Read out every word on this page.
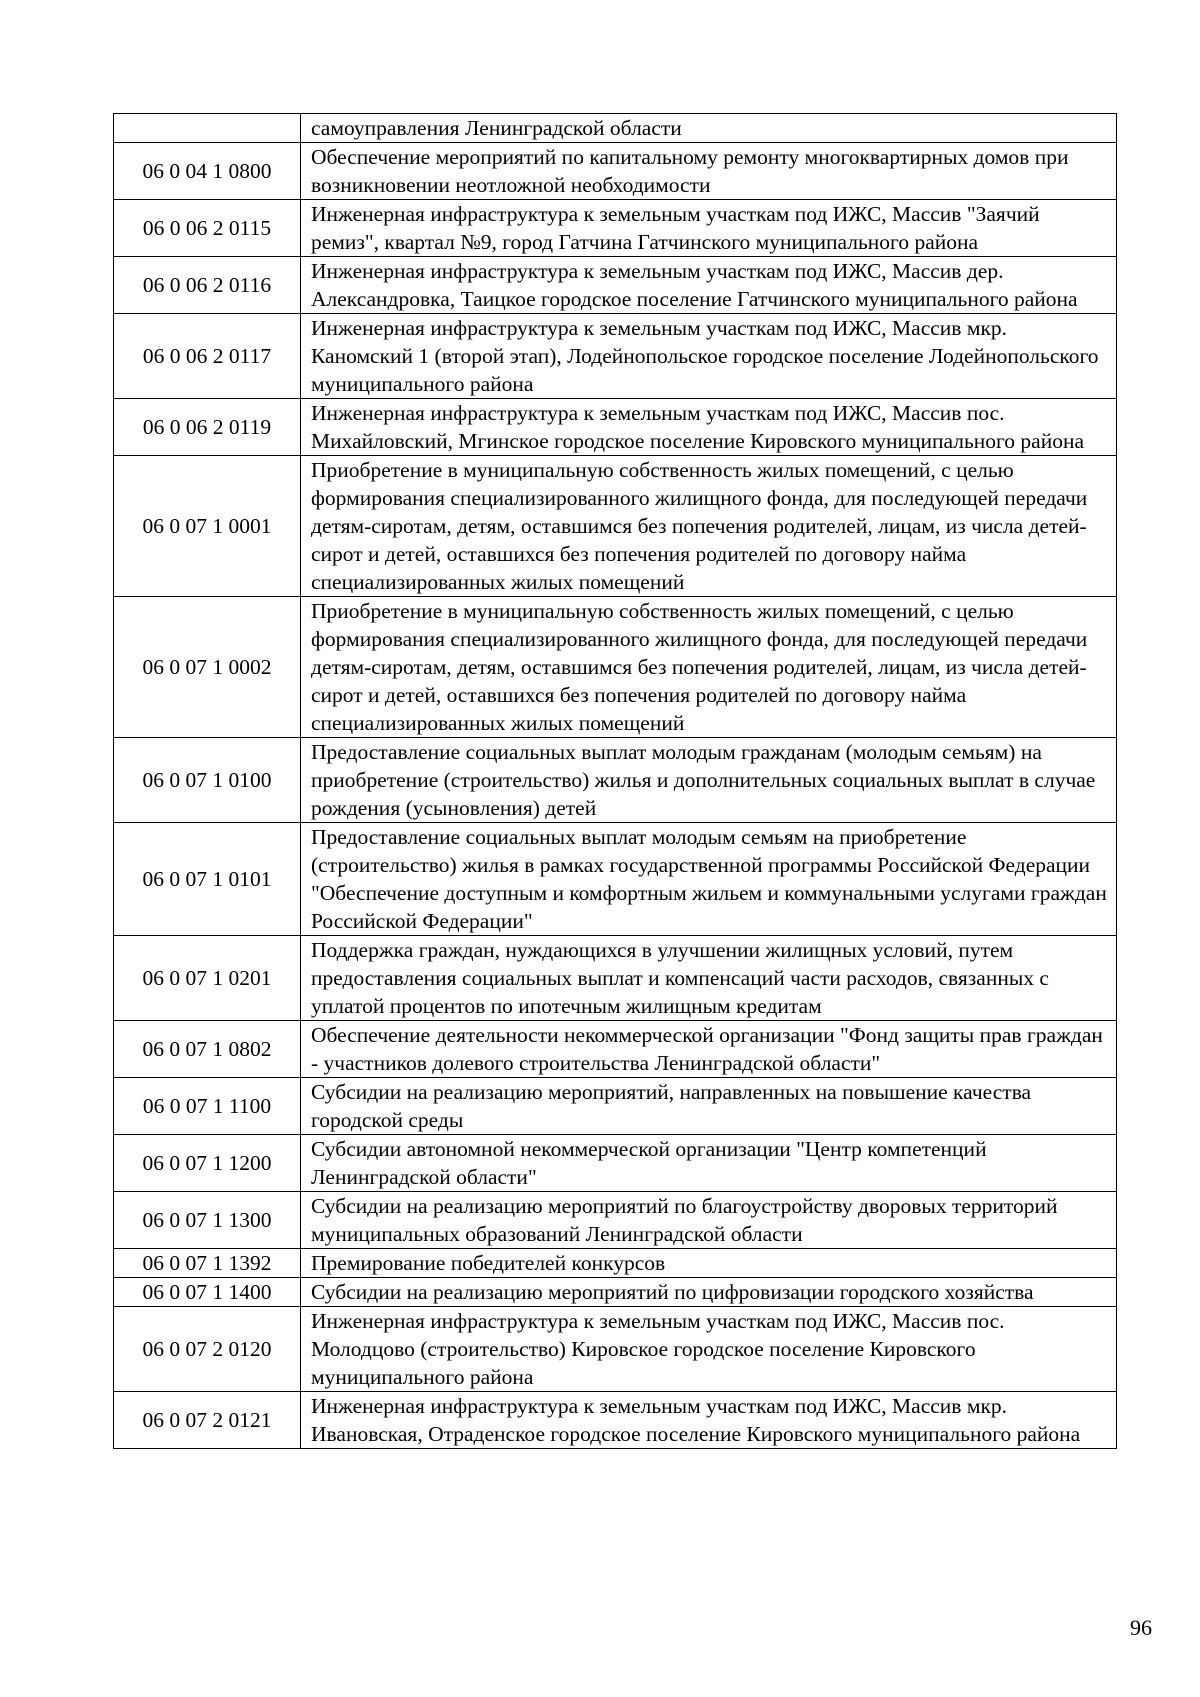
	самоуправления Ленинградской области
06 0 04 1 0800	Обеспечение мероприятий по капитальному ремонту многоквартирных домов при возникновении неотложной необходимости
06 0 06 2 0115	Инженерная инфраструктура к земельным участкам под ИЖС, Массив "Заячий ремиз", квартал №9, город Гатчина Гатчинского муниципального района
06 0 06 2 0116	Инженерная инфраструктура к земельным участкам под ИЖС, Массив дер. Александровка, Таицкое городское поселение Гатчинского муниципального района
06 0 06 2 0117	Инженерная инфраструктура к земельным участкам под ИЖС, Массив мкр. Каномский 1 (второй этап), Лодейнопольское городское поселение Лодейнопольского муниципального района
06 0 06 2 0119	Инженерная инфраструктура к земельным участкам под ИЖС, Массив пос. Михайловский, Мгинское городское поселение Кировского муниципального района
06 0 07 1 0001	Приобретение в муниципальную собственность жилых помещений, с целью формирования специализированного жилищного фонда, для последующей передачи детям-сиротам, детям, оставшимся без попечения родителей, лицам, из числа детей-сирот и детей, оставшихся без попечения родителей по договору найма специализированных жилых помещений
06 0 07 1 0002	Приобретение в муниципальную собственность жилых помещений, с целью формирования специализированного жилищного фонда, для последующей передачи детям-сиротам, детям, оставшимся без попечения родителей, лицам, из числа детей-сирот и детей, оставшихся без попечения родителей по договору найма специализированных жилых помещений
06 0 07 1 0100	Предоставление социальных выплат молодым гражданам (молодым семьям) на приобретение (строительство) жилья и дополнительных социальных выплат в случае рождения (усыновления) детей
06 0 07 1 0101	Предоставление социальных выплат молодым семьям на приобретение (строительство) жилья в рамках государственной программы Российской Федерации "Обеспечение доступным и комфортным жильем и коммунальными услугами граждан Российской Федерации"
06 0 07 1 0201	Поддержка граждан, нуждающихся в улучшении жилищных условий, путем предоставления социальных выплат и компенсаций части расходов, связанных с уплатой процентов по ипотечным жилищным кредитам
06 0 07 1 0802	Обеспечение деятельности некоммерческой организации "Фонд защиты прав граждан - участников долевого строительства Ленинградской области"
06 0 07 1 1100	Субсидии на реализацию мероприятий, направленных на повышение качества городской среды
06 0 07 1 1200	Субсидии автономной некоммерческой организации "Центр компетенций Ленинградской области"
06 0 07 1 1300	Субсидии на реализацию мероприятий по благоустройству дворовых территорий муниципальных образований Ленинградской области
06 0 07 1 1392	Премирование победителей конкурсов
06 0 07 1 1400	Субсидии на реализацию мероприятий по цифровизации городского хозяйства
06 0 07 2 0120	Инженерная инфраструктура к земельным участкам под ИЖС, Массив пос. Молодцово (строительство) Кировское городское поселение Кировского муниципального района
06 0 07 2 0121	Инженерная инфраструктура к земельным участкам под ИЖС, Массив мкр. Ивановская, Отраденское городское поселение Кировского муниципального района
96
